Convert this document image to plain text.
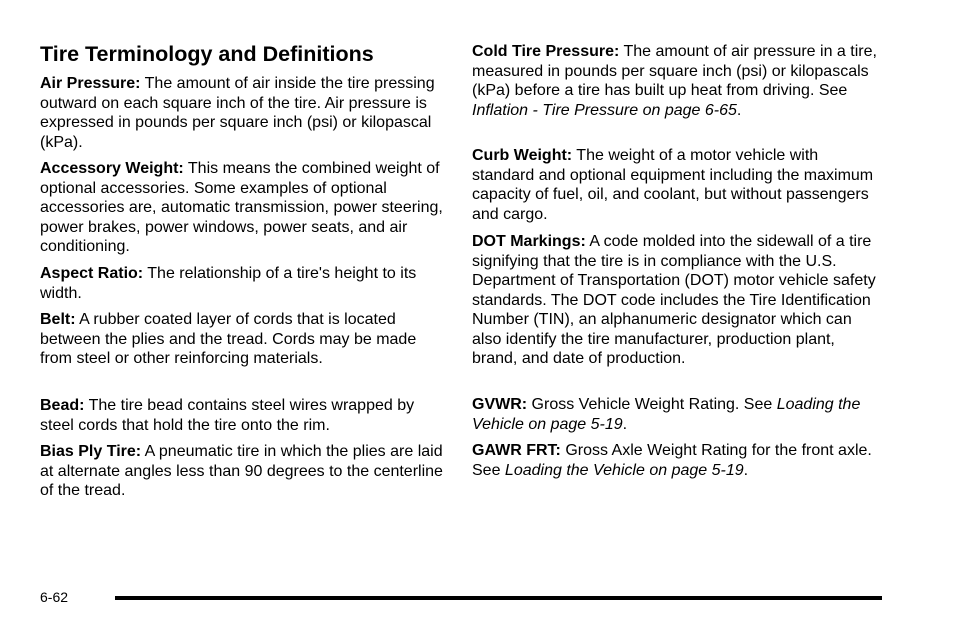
Tire Terminology and Definitions

Air Pressure: The amount of air inside the tire pressing outward on each square inch of the tire. Air pressure is expressed in pounds per square inch (psi) or kilopascal (kPa).

Accessory Weight: This means the combined weight of optional accessories. Some examples of optional accessories are, automatic transmission, power steering, power brakes, power windows, power seats, and air conditioning.

Aspect Ratio: The relationship of a tire's height to its width.

Belt: A rubber coated layer of cords that is located between the plies and the tread. Cords may be made from steel or other reinforcing materials.

Bead: The tire bead contains steel wires wrapped by steel cords that hold the tire onto the rim.

Bias Ply Tire: A pneumatic tire in which the plies are laid at alternate angles less than 90 degrees to the centerline of the tread.

Cold Tire Pressure: The amount of air pressure in a tire, measured in pounds per square inch (psi) or kilopascals (kPa) before a tire has built up heat from driving. See Inflation - Tire Pressure on page 6-65.

Curb Weight: The weight of a motor vehicle with standard and optional equipment including the maximum capacity of fuel, oil, and coolant, but without passengers and cargo.

DOT Markings: A code molded into the sidewall of a tire signifying that the tire is in compliance with the U.S. Department of Transportation (DOT) motor vehicle safety standards. The DOT code includes the Tire Identification Number (TIN), an alphanumeric designator which can also identify the tire manufacturer, production plant, brand, and date of production.

GVWR: Gross Vehicle Weight Rating. See Loading the Vehicle on page 5-19.

GAWR FRT: Gross Axle Weight Rating for the front axle. See Loading the Vehicle on page 5-19.

6-62
